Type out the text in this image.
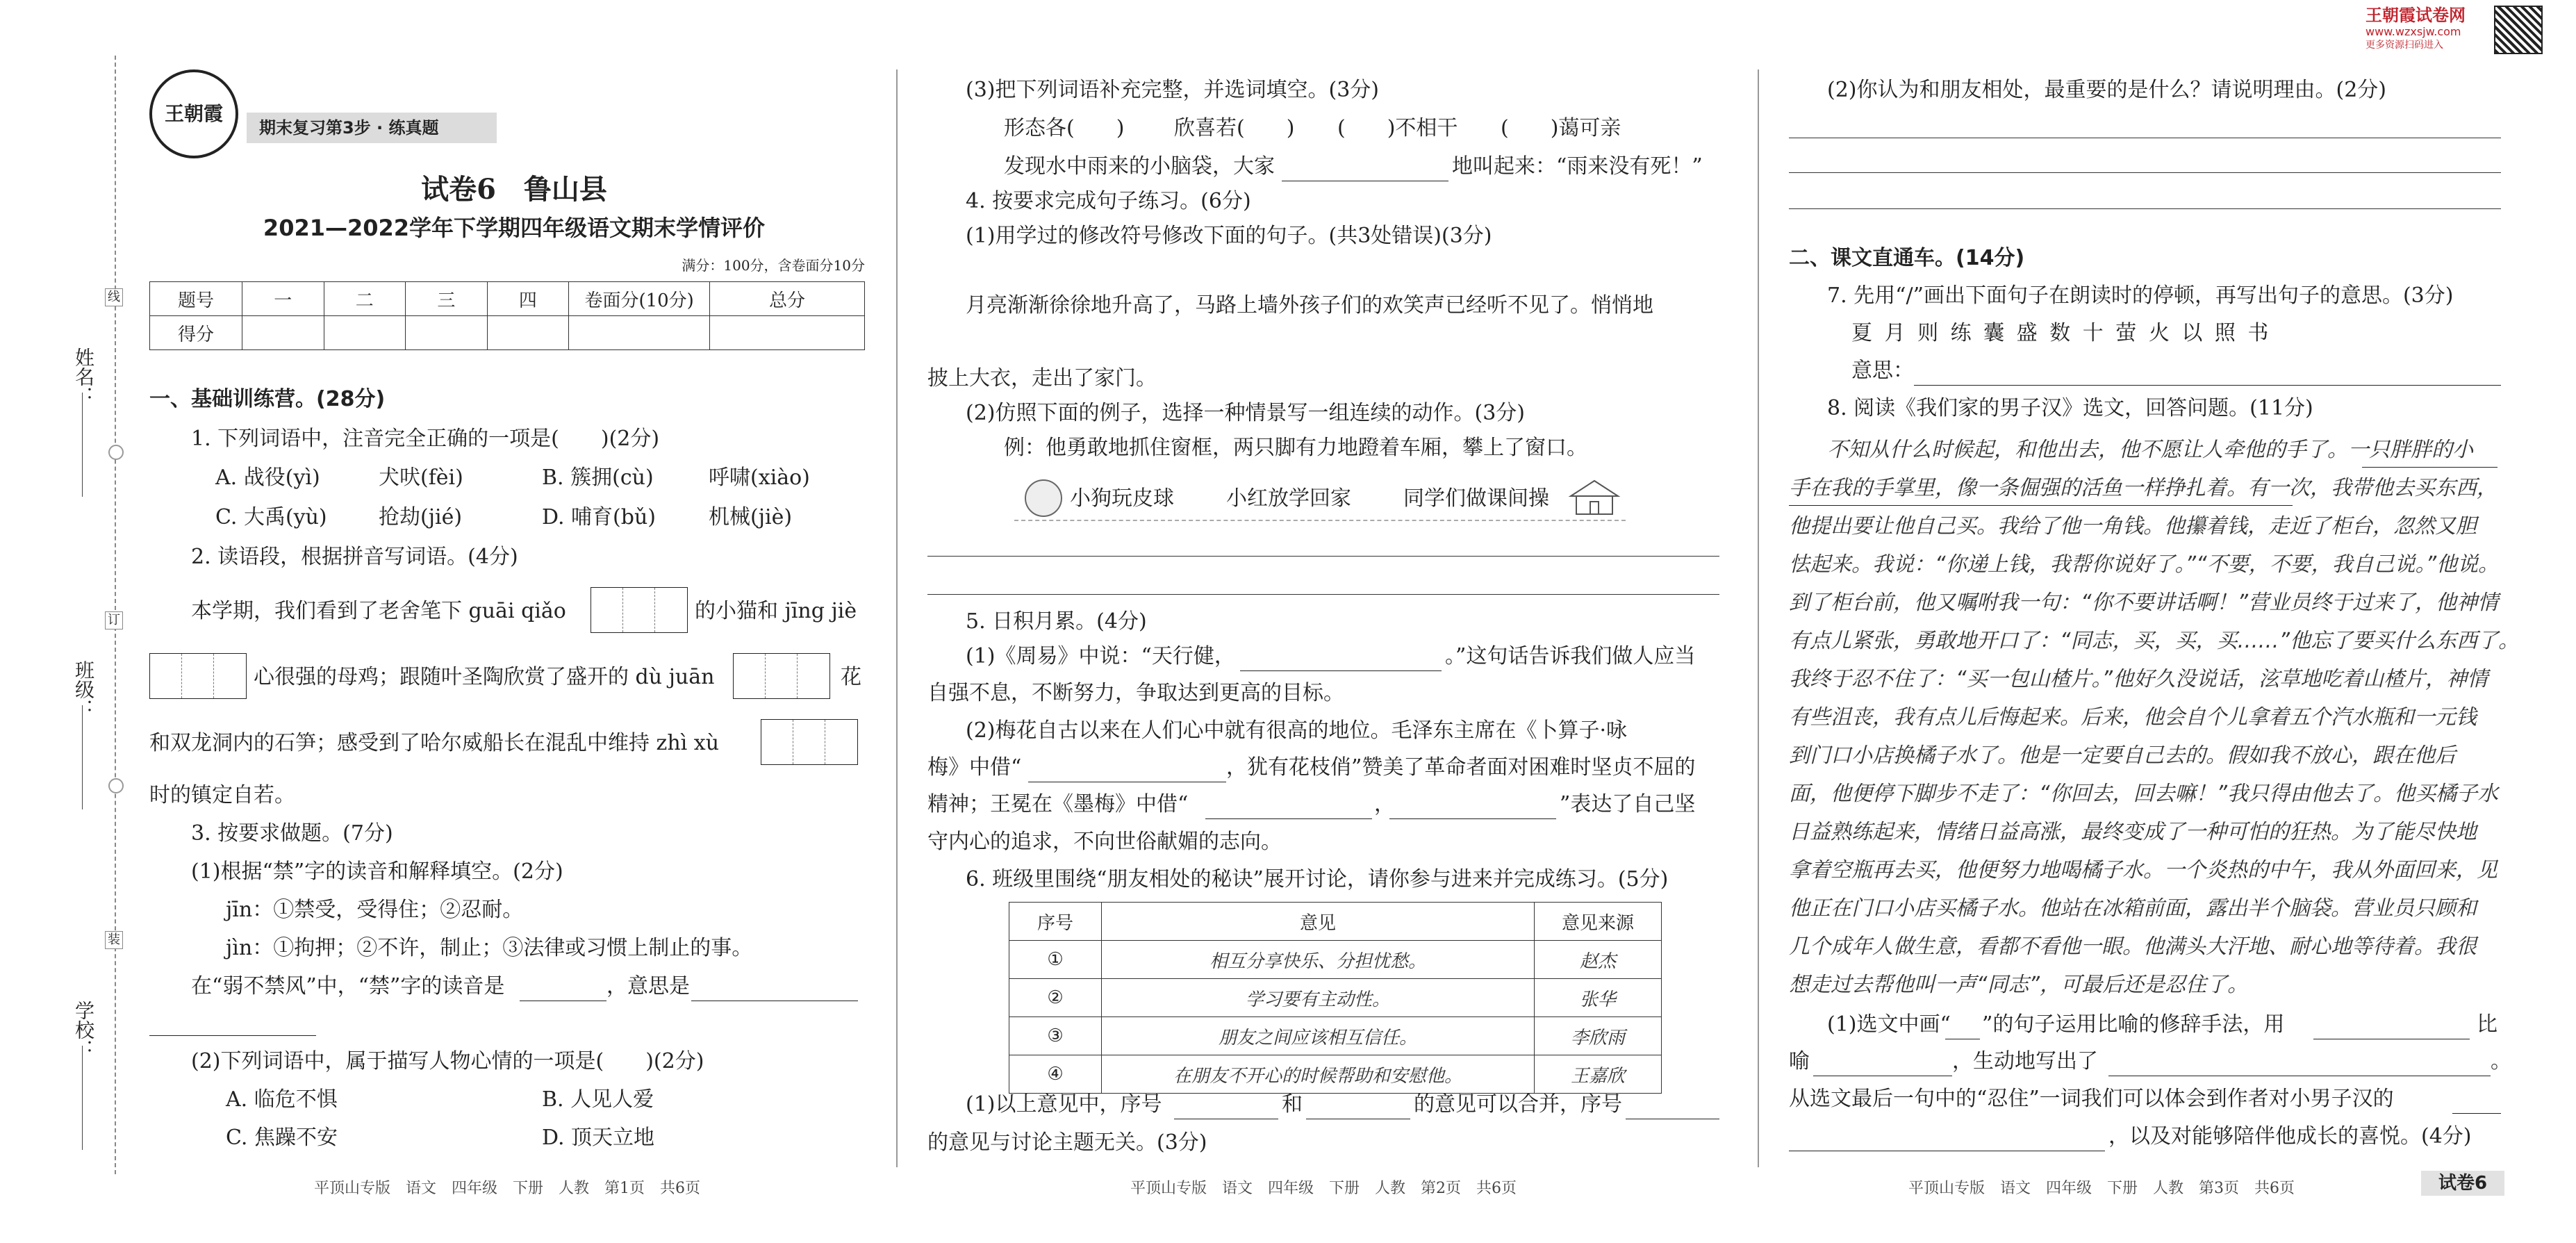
姓名：
班级：
学校：
线
订
装
王朝霞
期末复习第3步 · 练真题
试卷6　鲁山县
2021—2022学年下学期四年级语文期末学情评价
满分：100分，含卷面分10分
题号	一	二	三	四	卷面分(10分)	总分
得分						
一、基础训练营。(28分)
1. 下列词语中，注音完全正确的一项是(　　)(2分)
A. 战役(yì)	犬吠(fèi)	B. 簇拥(cù)	呼啸(xiào)
C. 大禹(yù) 抢劫(jié)	D. 哺育(bǔ)	机械(jiè)
2. 读语段，根据拼音写词语。(4分)
本学期，我们看到了老舍笔下 guāi qiǎo	的小猫和 jīng jiè
心很强的母鸡；跟随叶圣陶欣赏了盛开的 dù juān	花
和双龙洞内的石笋；感受到了哈尔威船长在混乱中维持 zhì xù
时的镇定自若。
3. 按要求做题。(7分)
(1)根据“禁”字的读音和解释填空。(2分)
jīn：①禁受，受得住；②忍耐。
jìn：①拘押；②不许，制止；③法律或习惯上制止的事。
在“弱不禁风”中，“禁”字的读音是	，意思是
(2)下列词语中，属于描写人物心情的一项是(　　)(2分)
A. 临危不惧	B. 人见人爱
C. 焦躁不安	D. 顶天立地
平顶山专版　语文　四年级　下册　人教　第1页　共6页
(3)把下列词语补充完整，并选词填空。(3分)
形态各(　　) 欣喜若(　　) (　　)不相干 (　　)蔼可亲
发现水中雨来的小脑袋，大家	地叫起来：“雨来没有死！”
4. 按要求完成句子练习。(6分)
(1)用学过的修改符号修改下面的句子。(共3处错误)(3分)
月亮渐渐徐徐地升高了，马路上墙外孩子们的欢笑声已经听不见了。悄悄地
披上大衣，走出了家门。
(2)仿照下面的例子，选择一种情景写一组连续的动作。(3分)
例：他勇敢地抓住窗框，两只脚有力地蹬着车厢，攀上了窗口。
小狗玩皮球	小红放学回家	同学们做课间操
5. 日积月累。(4分)
(1)《周易》中说：“天行健，	。”这句话告诉我们做人应当
自强不息，不断努力，争取达到更高的目标。
(2)梅花自古以来在人们心中就有很高的地位。毛泽东主席在《卜算子·咏
梅》中借“	，犹有花枝俏”赞美了革命者面对困难时坚贞不屈的
精神；王冕在《墨梅》中借“	，	”表达了自己坚
守内心的追求，不向世俗献媚的志向。
6. 班级里围绕“朋友相处的秘诀”展开讨论，请你参与进来并完成练习。(5分)
序号	意见	意见来源
①	相互分享快乐、分担忧愁。	赵杰
②	学习要有主动性。	张华
③	朋友之间应该相互信任。	李欣雨
④	在朋友不开心的时候帮助和安慰他。	王嘉欣
(1)以上意见中，序号	和	的意见可以合并，序号
的意见与讨论主题无关。(3分)
平顶山专版　语文　四年级　下册　人教　第2页　共6页
王朝霞试卷网
www.wzxsjw.com
更多资源扫码进入
(2)你认为和朋友相处，最重要的是什么？请说明理由。(2分)
二、课文直通车。(14分)
7. 先用“/”画出下面句子在朗读时的停顿，再写出句子的意思。(3分)
夏 月 则 练 囊 盛 数 十 萤 火 以 照 书
意思：
8. 阅读《我们家的男子汉》选文，回答问题。(11分)
不知从什么时候起，和他出去，他不愿让人牵他的手了。一只胖胖的小
手在我的手掌里，像一条倔强的活鱼一样挣扎着。有一次，我带他去买东西，
他提出要让他自己买。我给了他一角钱。他攥着钱，走近了柜台，忽然又胆
怯起来。我说：“你递上钱，我帮你说好了。”“不要，不要，我自己说。”他说。
到了柜台前，他又嘱咐我一句：“你不要讲话啊！”营业员终于过来了，他神情
有点儿紧张，勇敢地开口了：“同志，买，买，买……”他忘了要买什么东西了。
我终于忍不住了：“买一包山楂片。”他好久没说话，泫草地吃着山楂片，神情
有些沮丧，我有点儿后悔起来。后来，他会自个儿拿着五个汽水瓶和一元钱
到门口小店换橘子水了。他是一定要自己去的。假如我不放心，跟在他后
面，他便停下脚步不走了：“你回去，回去嘛！”我只得由他去了。他买橘子水
日益熟练起来，情绪日益高涨，最终变成了一种可怕的狂热。为了能尽快地
拿着空瓶再去买，他便努力地喝橘子水。一个炎热的中午，我从外面回来，见
他正在门口小店买橘子水。他站在冰箱前面，露出半个脑袋。营业员只顾和
几个成年人做生意，看都不看他一眼。他满头大汗地、耐心地等待着。我很
想走过去帮他叫一声“同志”，可最后还是忍住了。
(1)选文中画“ ”的句子运用比喻的修辞手法，用	比
喻	，生动地写出了	。
从选文最后一句中的“忍住”一词我们可以体会到作者对小男子汉的
，以及对能够陪伴他成长的喜悦。(4分)
平顶山专版　语文　四年级　下册　人教　第3页　共6页	试卷6
